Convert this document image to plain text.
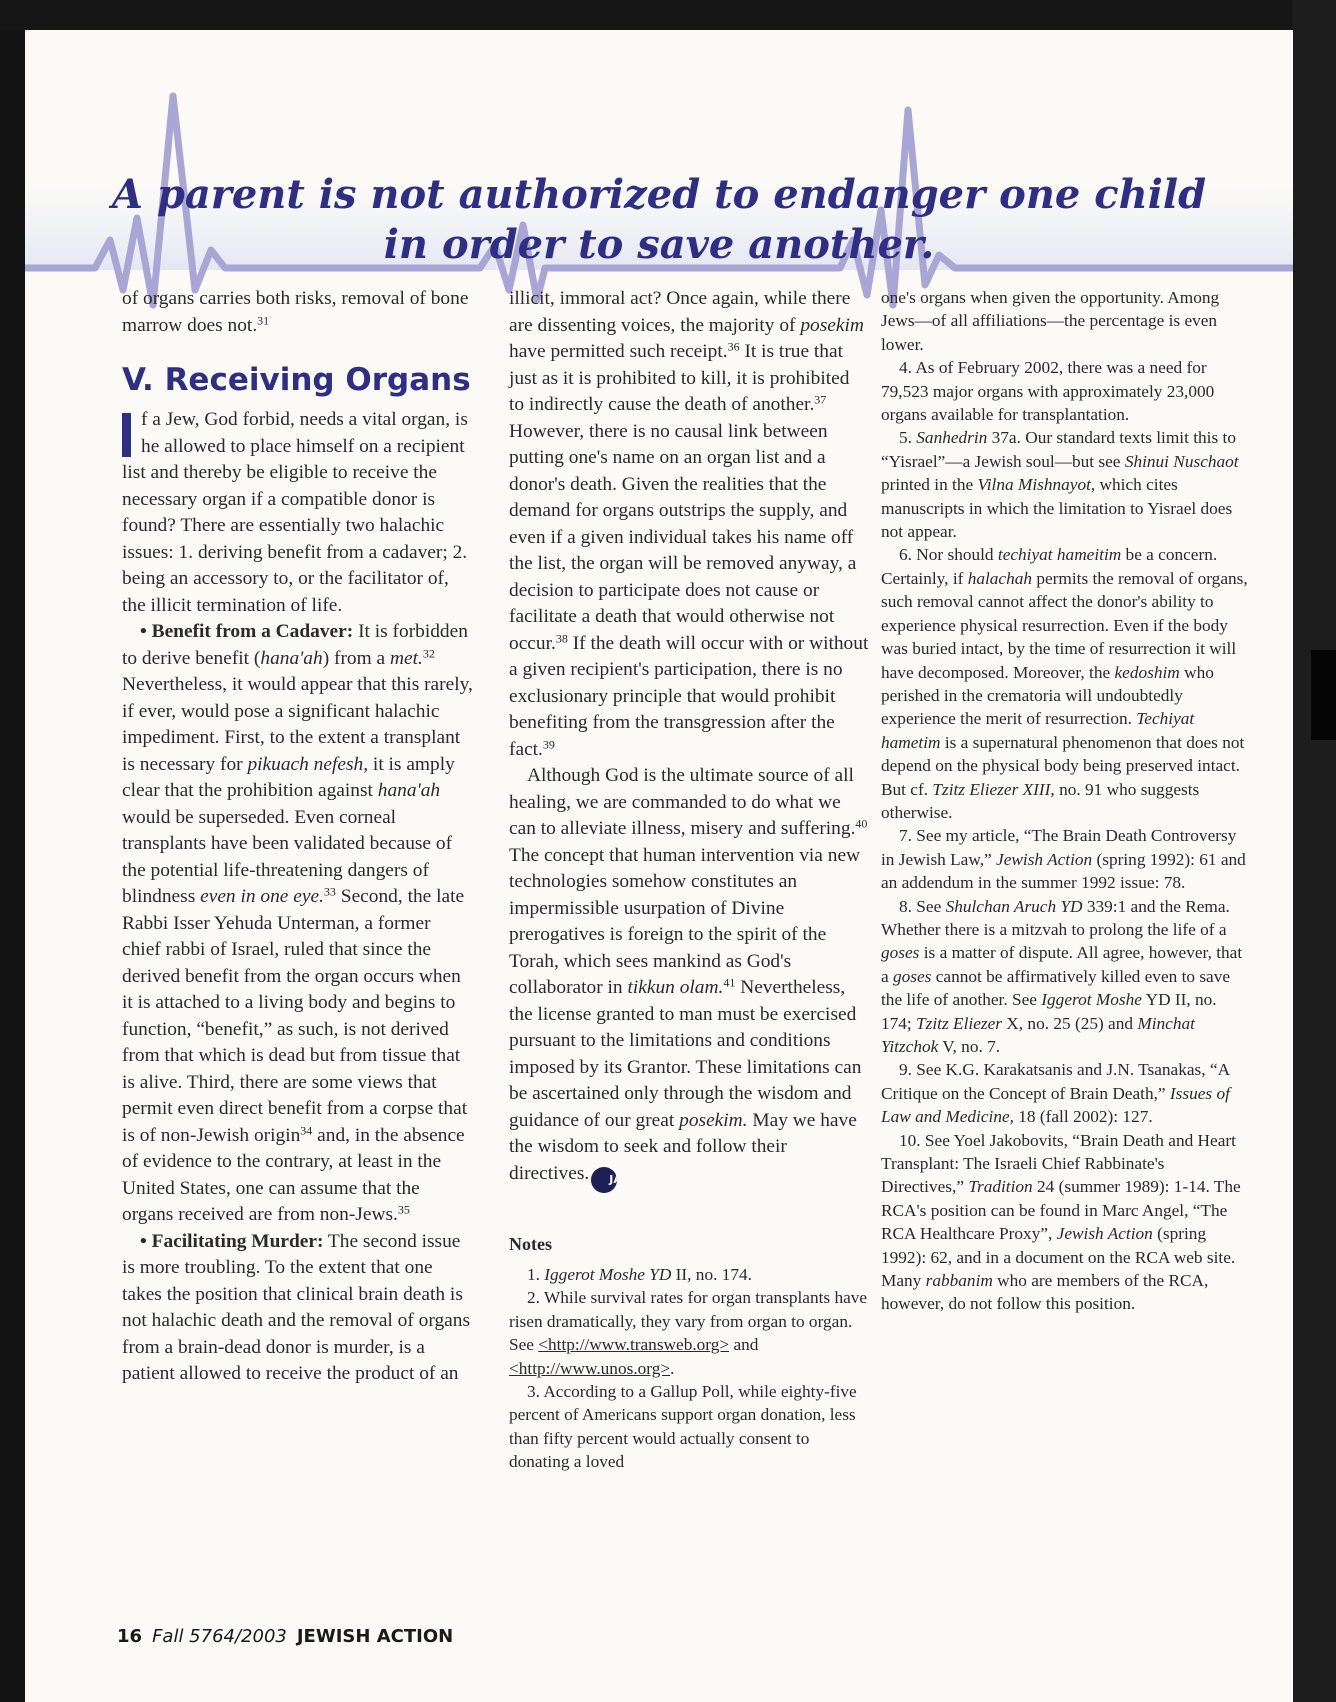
A parent is not authorized to endanger one child
in order to save another.

of organs carries both risks, removal of bone marrow does not.$^{31}$

V. Receiving Organs

f a Jew, God forbid, needs a vital organ, is he allowed to place himself on a recipient list and thereby be eligible to receive the necessary organ if a compatible donor is found? There are essentially two halachic issues: 1. deriving benefit from a cadaver; 2. being an accessory to, or the facilitator of, the illicit termination of life.

• Benefit from a Cadaver: It is forbidden to derive benefit (hana'ah) from a met.$^{32}$ Nevertheless, it would appear that this rarely, if ever, would pose a significant halachic impediment. First, to the extent a transplant is necessary for pikuach nefesh, it is amply clear that the prohibition against hana'ah would be superseded. Even corneal transplants have been validated because of the potential life-threatening dangers of blindness even in one eye.$^{33}$ Second, the late Rabbi Isser Yehuda Unterman, a former chief rabbi of Israel, ruled that since the derived benefit from the organ occurs when it is attached to a living body and begins to function, “benefit,” as such, is not derived from that which is dead but from tissue that is alive. Third, there are some views that permit even direct benefit from a corpse that is of non-Jewish origin$^{34}$ and, in the absence of evidence to the contrary, at least in the United States, one can assume that the organs received are from non-Jews.$^{35}$

• Facilitating Murder: The second issue is more troubling. To the extent that one takes the position that clinical brain death is not halachic death and the removal of organs from a brain-dead donor is murder, is a patient allowed to receive the product of an

illicit, immoral act? Once again, while there are dissenting voices, the majority of posekim have permitted such receipt.$^{36}$ It is true that just as it is prohibited to kill, it is prohibited to indirectly cause the death of another.$^{37}$ However, there is no causal link between putting one's name on an organ list and a donor's death. Given the realities that the demand for organs outstrips the supply, and even if a given individual takes his name off the list, the organ will be removed anyway, a decision to participate does not cause or facilitate a death that would otherwise not occur.$^{38}$ If the death will occur with or without a given recipient's participation, there is no exclusionary principle that would prohibit benefiting from the transgression after the fact.$^{39}$

Although God is the ultimate source of all healing, we are commanded to do what we can to alleviate illness, misery and suffering.$^{40}$ The concept that human intervention via new technologies somehow constitutes an impermissible usurpation of Divine prerogatives is foreign to the spirit of the Torah, which sees mankind as God's collaborator in tikkun olam.$^{41}$ Nevertheless, the license granted to man must be exercised pursuant to the limitations and conditions imposed by its Grantor. These limitations can be ascertained only through the wisdom and guidance of our great posekim. May we have the wisdom to seek and follow their directives. JA

Notes

1. Iggerot Moshe YD II, no. 174.

2. While survival rates for organ transplants have risen dramatically, they vary from organ to organ. See <http://www.transweb.org> and <http://www.unos.org>.

3. According to a Gallup Poll, while eighty-five percent of Americans support organ donation, less than fifty percent would actually consent to donating a loved

one's organs when given the opportunity. Among Jews—of all affiliations—the percentage is even lower.

4. As of February 2002, there was a need for 79,523 major organs with approximately 23,000 organs available for transplantation.

5. Sanhedrin 37a. Our standard texts limit this to “Yisrael”—a Jewish soul—but see Shinui Nuschaot printed in the Vilna Mishnayot, which cites manuscripts in which the limitation to Yisrael does not appear.

6. Nor should techiyat hameitim be a concern. Certainly, if halachah permits the removal of organs, such removal cannot affect the donor's ability to experience physical resurrection. Even if the body was buried intact, by the time of resurrection it will have decomposed. Moreover, the kedoshim who perished in the crematoria will undoubtedly experience the merit of resurrection. Techiyat hametim is a supernatural phenomenon that does not depend on the physical body being preserved intact. But cf. Tzitz Eliezer XIII, no. 91 who suggests otherwise.

7. See my article, “The Brain Death Controversy in Jewish Law,” Jewish Action (spring 1992): 61 and an addendum in the summer 1992 issue: 78.

8. See Shulchan Aruch YD 339:1 and the Rema. Whether there is a mitzvah to prolong the life of a goses is a matter of dispute. All agree, however, that a goses cannot be affirmatively killed even to save the life of another. See Iggerot Moshe YD II, no. 174; Tzitz Eliezer X, no. 25 (25) and Minchat Yitzchok V, no. 7.

9. See K.G. Karakatsanis and J.N. Tsanakas, “A Critique on the Concept of Brain Death,” Issues of Law and Medicine, 18 (fall 2002): 127.

10. See Yoel Jakobovits, “Brain Death and Heart Transplant: The Israeli Chief Rabbinate's Directives,” Tradition 24 (summer 1989): 1-14. The RCA's position can be found in Marc Angel, “The RCA Healthcare Proxy”, Jewish Action (spring 1992): 62, and in a document on the RCA web site. Many rabbanim who are members of the RCA, however, do not follow this position.

16 Fall 5764/2003 JEWISH ACTION
